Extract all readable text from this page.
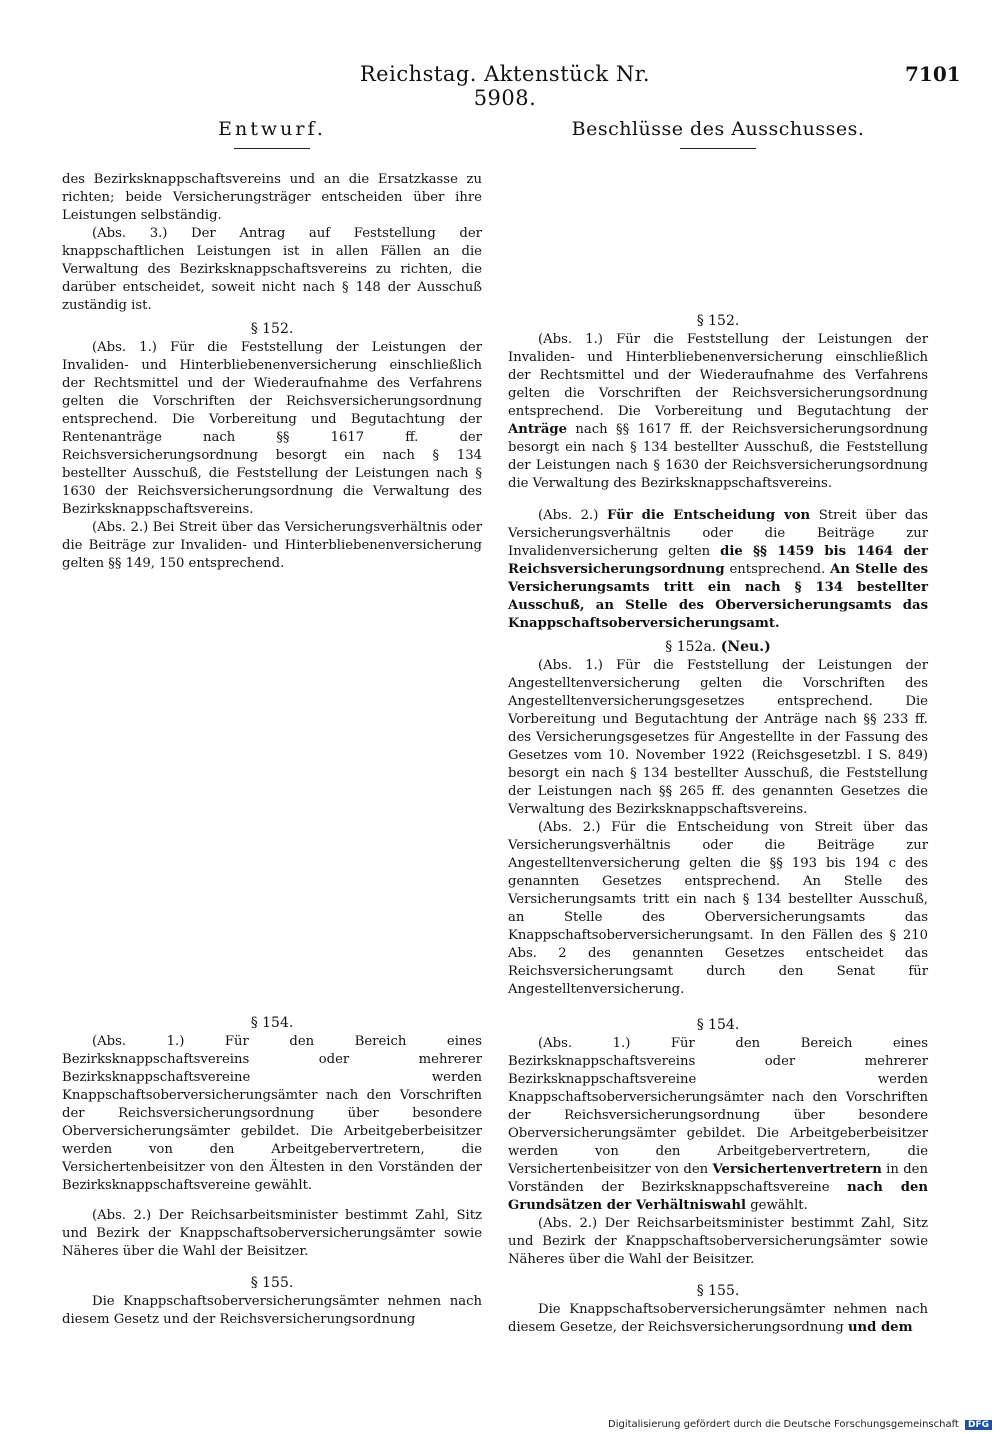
Reichstag. Aktenstück Nr. 5908.
7101
Entwurf.

des Bezirksknappschaftsvereins und an die Ersatzkasse zu richten; beide Versicherungsträger entscheiden über ihre Leistungen selbständig.

(Abs. 3.) Der Antrag auf Feststellung der knappschaftlichen Leistungen ist in allen Fällen an die Verwaltung des Bezirksknappschaftsvereins zu richten, die darüber entscheidet, soweit nicht nach § 148 der Ausschuß zuständig ist.

§ 152.

(Abs. 1.) Für die Feststellung der Leistungen der Invaliden- und Hinterbliebenenversicherung einschließlich der Rechtsmittel und der Wiederaufnahme des Verfahrens gelten die Vorschriften der Reichsversicherungsordnung entsprechend. Die Vorbereitung und Begutachtung der Rentenanträge nach §§ 1617 ff. der Reichsversicherungsordnung besorgt ein nach § 134 bestellter Ausschuß, die Feststellung der Leistungen nach § 1630 der Reichsversicherungsordnung die Verwaltung des Bezirksknappschaftsvereins.

(Abs. 2.) Bei Streit über das Versicherungsverhältnis oder die Beiträge zur Invaliden- und Hinterbliebenenversicherung gelten §§ 149, 150 entsprechend.

§ 154.

(Abs. 1.) Für den Bereich eines Bezirksknappschaftsvereins oder mehrerer Bezirksknappschaftsvereine werden Knappschaftsoberversicherungsämter nach den Vorschriften der Reichsversicherungsordnung über besondere Oberversicherungsämter gebildet. Die Arbeitgeberbeisitzer werden von den Arbeitgebervertretern, die Versichertenbeisitzer von den Ältesten in den Vorständen der Bezirksknappschaftsvereine gewählt.

(Abs. 2.) Der Reichsarbeitsminister bestimmt Zahl, Sitz und Bezirk der Knappschaftsoberversicherungsämter sowie Näheres über die Wahl der Beisitzer.

§ 155.

Die Knappschaftsoberversicherungsämter nehmen nach diesem Gesetz und der Reichsversicherungsordnung

Beschlüsse des Ausschusses.

§ 152.

(Abs. 1.) Für die Feststellung der Leistungen der Invaliden- und Hinterbliebenenversicherung einschließlich der Rechtsmittel und der Wiederaufnahme des Verfahrens gelten die Vorschriften der Reichsversicherungsordnung entsprechend. Die Vorbereitung und Begutachtung der Anträge nach §§ 1617 ff. der Reichsversicherungsordnung besorgt ein nach § 134 bestellter Ausschuß, die Feststellung der Leistungen nach § 1630 der Reichsversicherungsordnung die Verwaltung des Bezirksknappschaftsvereins.

(Abs. 2.) Für die Entscheidung von Streit über das Versicherungsverhältnis oder die Beiträge zur Invalidenversicherung gelten die §§ 1459 bis 1464 der Reichsversicherungsordnung entsprechend. An Stelle des Versicherungsamts tritt ein nach § 134 bestellter Ausschuß, an Stelle des Oberversicherungsamts das Knappschaftsoberversicherungsamt.

§ 152a. (Neu.)

(Abs. 1.) Für die Feststellung der Leistungen der Angestelltenversicherung gelten die Vorschriften des Angestelltenversicherungsgesetzes entsprechend. Die Vorbereitung und Begutachtung der Anträge nach §§ 233 ff. des Versicherungsgesetzes für Angestellte in der Fassung des Gesetzes vom 10. November 1922 (Reichsgesetzbl. I S. 849) besorgt ein nach § 134 bestellter Ausschuß, die Feststellung der Leistungen nach §§ 265 ff. des genannten Gesetzes die Verwaltung des Bezirksknappschaftsvereins.

(Abs. 2.) Für die Entscheidung von Streit über das Versicherungsverhältnis oder die Beiträge zur Angestelltenversicherung gelten die §§ 193 bis 194 c des genannten Gesetzes entsprechend. An Stelle des Versicherungsamts tritt ein nach § 134 bestellter Ausschuß, an Stelle des Oberversicherungsamts das Knappschaftsoberversicherungsamt. In den Fällen des § 210 Abs. 2 des genannten Gesetzes entscheidet das Reichsversicherungsamt durch den Senat für Angestelltenversicherung.

§ 154.

(Abs. 1.) Für den Bereich eines Bezirksknappschaftsvereins oder mehrerer Bezirksknappschaftsvereine werden Knappschaftsoberversicherungsämter nach den Vorschriften der Reichsversicherungsordnung über besondere Oberversicherungsämter gebildet. Die Arbeitgeberbeisitzer werden von den Arbeitgebervertretern, die Versichertenbeisitzer von den Versichertenvertretern in den Vorständen der Bezirksknappschaftsvereine nach den Grundsätzen der Verhältniswahl gewählt.

(Abs. 2.) Der Reichsarbeitsminister bestimmt Zahl, Sitz und Bezirk der Knappschaftsoberversicherungsämter sowie Näheres über die Wahl der Beisitzer.

§ 155.

Die Knappschaftsoberversicherungsämter nehmen nach diesem Gesetze, der Reichsversicherungsordnung und dem

Digitalisierung gefördert durch die Deutsche Forschungsgemeinschaft DFG
